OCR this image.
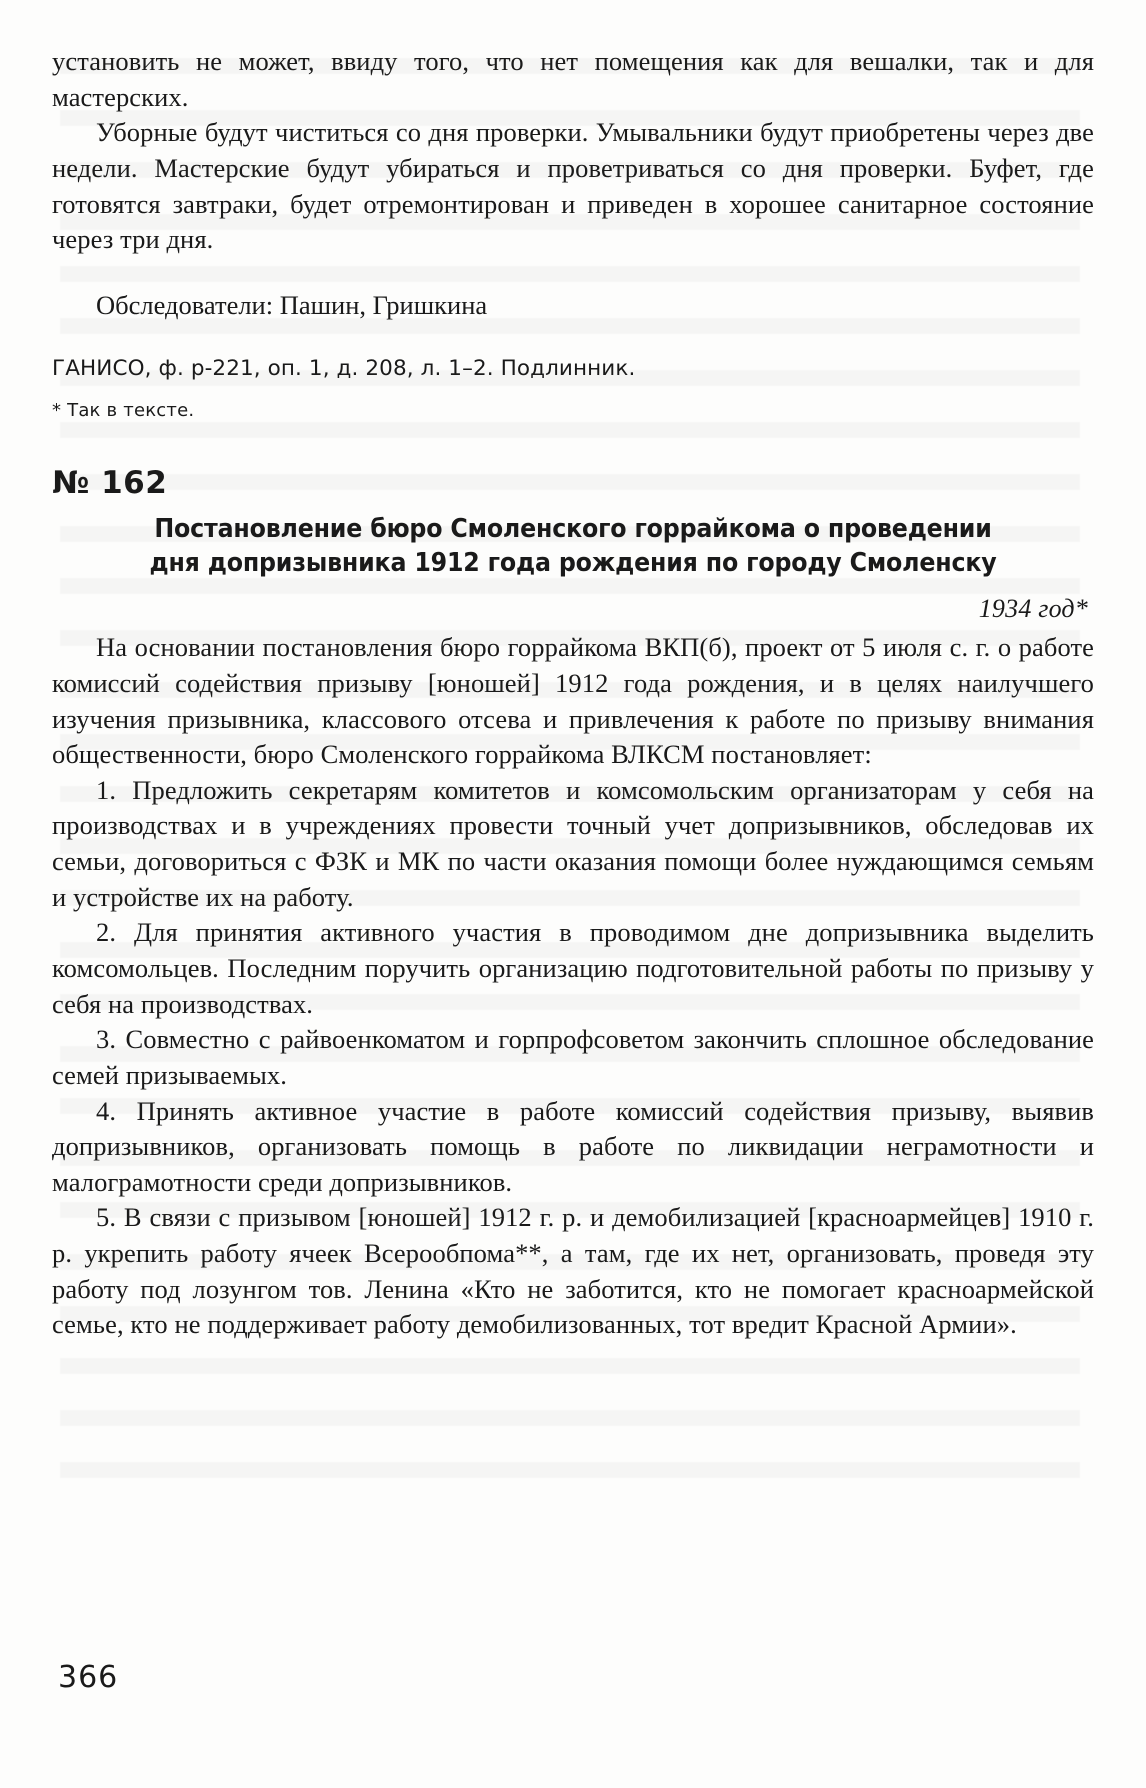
установить не может, ввиду того, что нет помещения как для вешалки, так и для мастерских.

Уборные будут чиститься со дня проверки. Умывальники будут приобретены через две недели. Мастерские будут убираться и проветриваться со дня проверки. Буфет, где готовятся завтраки, будет отремонтирован и приведен в хорошее санитарное состояние через три дня.

Обследователи: Пашин, Гришкина
ГАНИСО, ф. р-221, оп. 1, д. 208, л. 1–2. Подлинник.
* Так в тексте.
№ 162
Постановление бюро Смоленского горрайкома о проведении
дня допризывника 1912 года рождения по городу Смоленску
1934 год*

На основании постановления бюро горрайкома ВКП(б), проект от 5 июля с. г. о работе комиссий содействия призыву [юношей] 1912 года рождения, и в целях наилучшего изучения призывника, классового отсева и привлечения к работе по призыву внимания общественности, бюро Смоленского горрайкома ВЛКСМ постановляет:

1. Предложить секретарям комитетов и комсомольским организаторам у себя на производствах и в учреждениях провести точный учет допризывников, обследовав их семьи, договориться с ФЗК и МК по части оказания помощи более нуждающимся семьям и устройстве их на работу.

2. Для принятия активного участия в проводимом дне допризывника выделить комсомольцев. Последним поручить организацию подготовительной работы по призыву у себя на производствах.

3. Совместно с райвоенкоматом и горпрофсоветом закончить сплошное обследование семей призываемых.

4. Принять активное участие в работе комиссий содействия призыву, выявив допризывников, организовать помощь в работе по ликвидации неграмотности и малограмотности среди допризывников.

5. В связи с призывом [юношей] 1912 г. р. и демобилизацией [красноармейцев] 1910 г. р. укрепить работу ячеек Всерообпома**, а там, где их нет, организовать, проведя эту работу под лозунгом тов. Ленина «Кто не заботится, кто не помогает красноармейской семье, кто не поддерживает работу демобилизованных, тот вредит Красной Армии».

366
